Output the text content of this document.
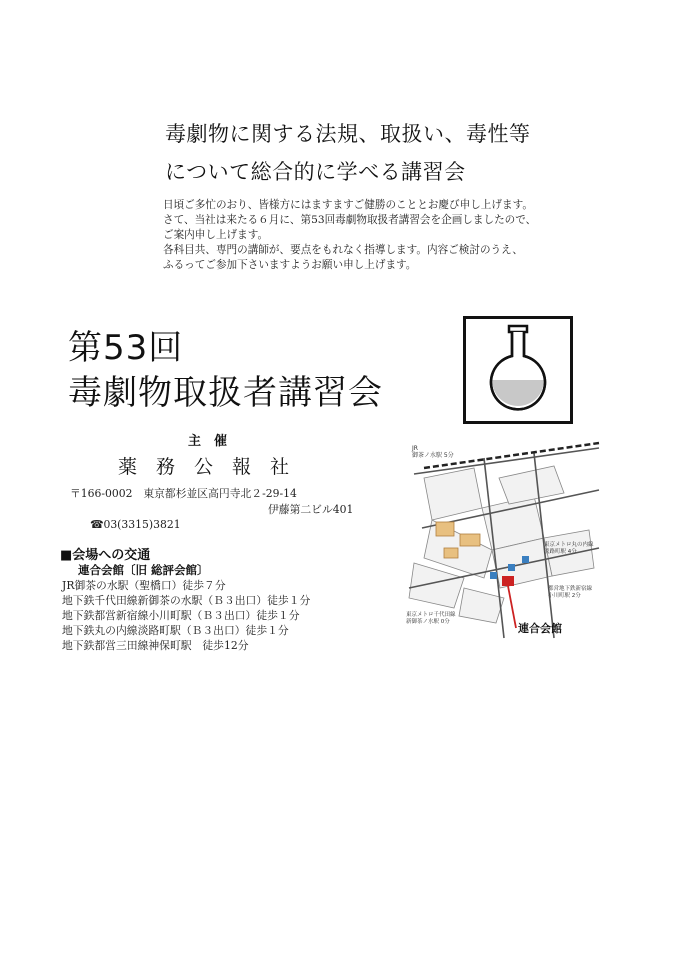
毒劇物に関する法規、取扱い、毒性等
について総合的に学べる講習会
日頃ご多忙のおり、皆様方にはますますご健勝のこととお慶び申し上げます。
さて、当社は来たる６月に、第53回毒劇物取扱者講習会を企画しましたので、
ご案内申し上げます。
各科目共、専門の講師が、要点をもれなく指導します。内容ご検討のうえ、
ふるってご参加下さいますようお願い申し上げます。
第53回
毒劇物取扱者講習会
主　催
薬　務　公　報　社
〒166-0002　東京都杉並区高円寺北２-29-14
伊藤第二ビル401
☎03(3315)3821
■会場への交通
連合会館〔旧 総評会館〕
JR御茶の水駅（聖橋口）徒歩７分
地下鉄千代田線新御茶の水駅（Ｂ３出口）徒歩１分
地下鉄都営新宿線小川町駅（Ｂ３出口）徒歩１分
地下鉄丸の内線淡路町駅（Ｂ３出口）徒歩１分
地下鉄都営三田線神保町駅　徒歩12分
JR 御茶ノ水駅 5分
東京メトロ丸の内線淡路町駅 4分
都営地下鉄新宿線小川町駅 2分
東京メトロ千代田線新御茶ノ水駅 0分	連合会館
